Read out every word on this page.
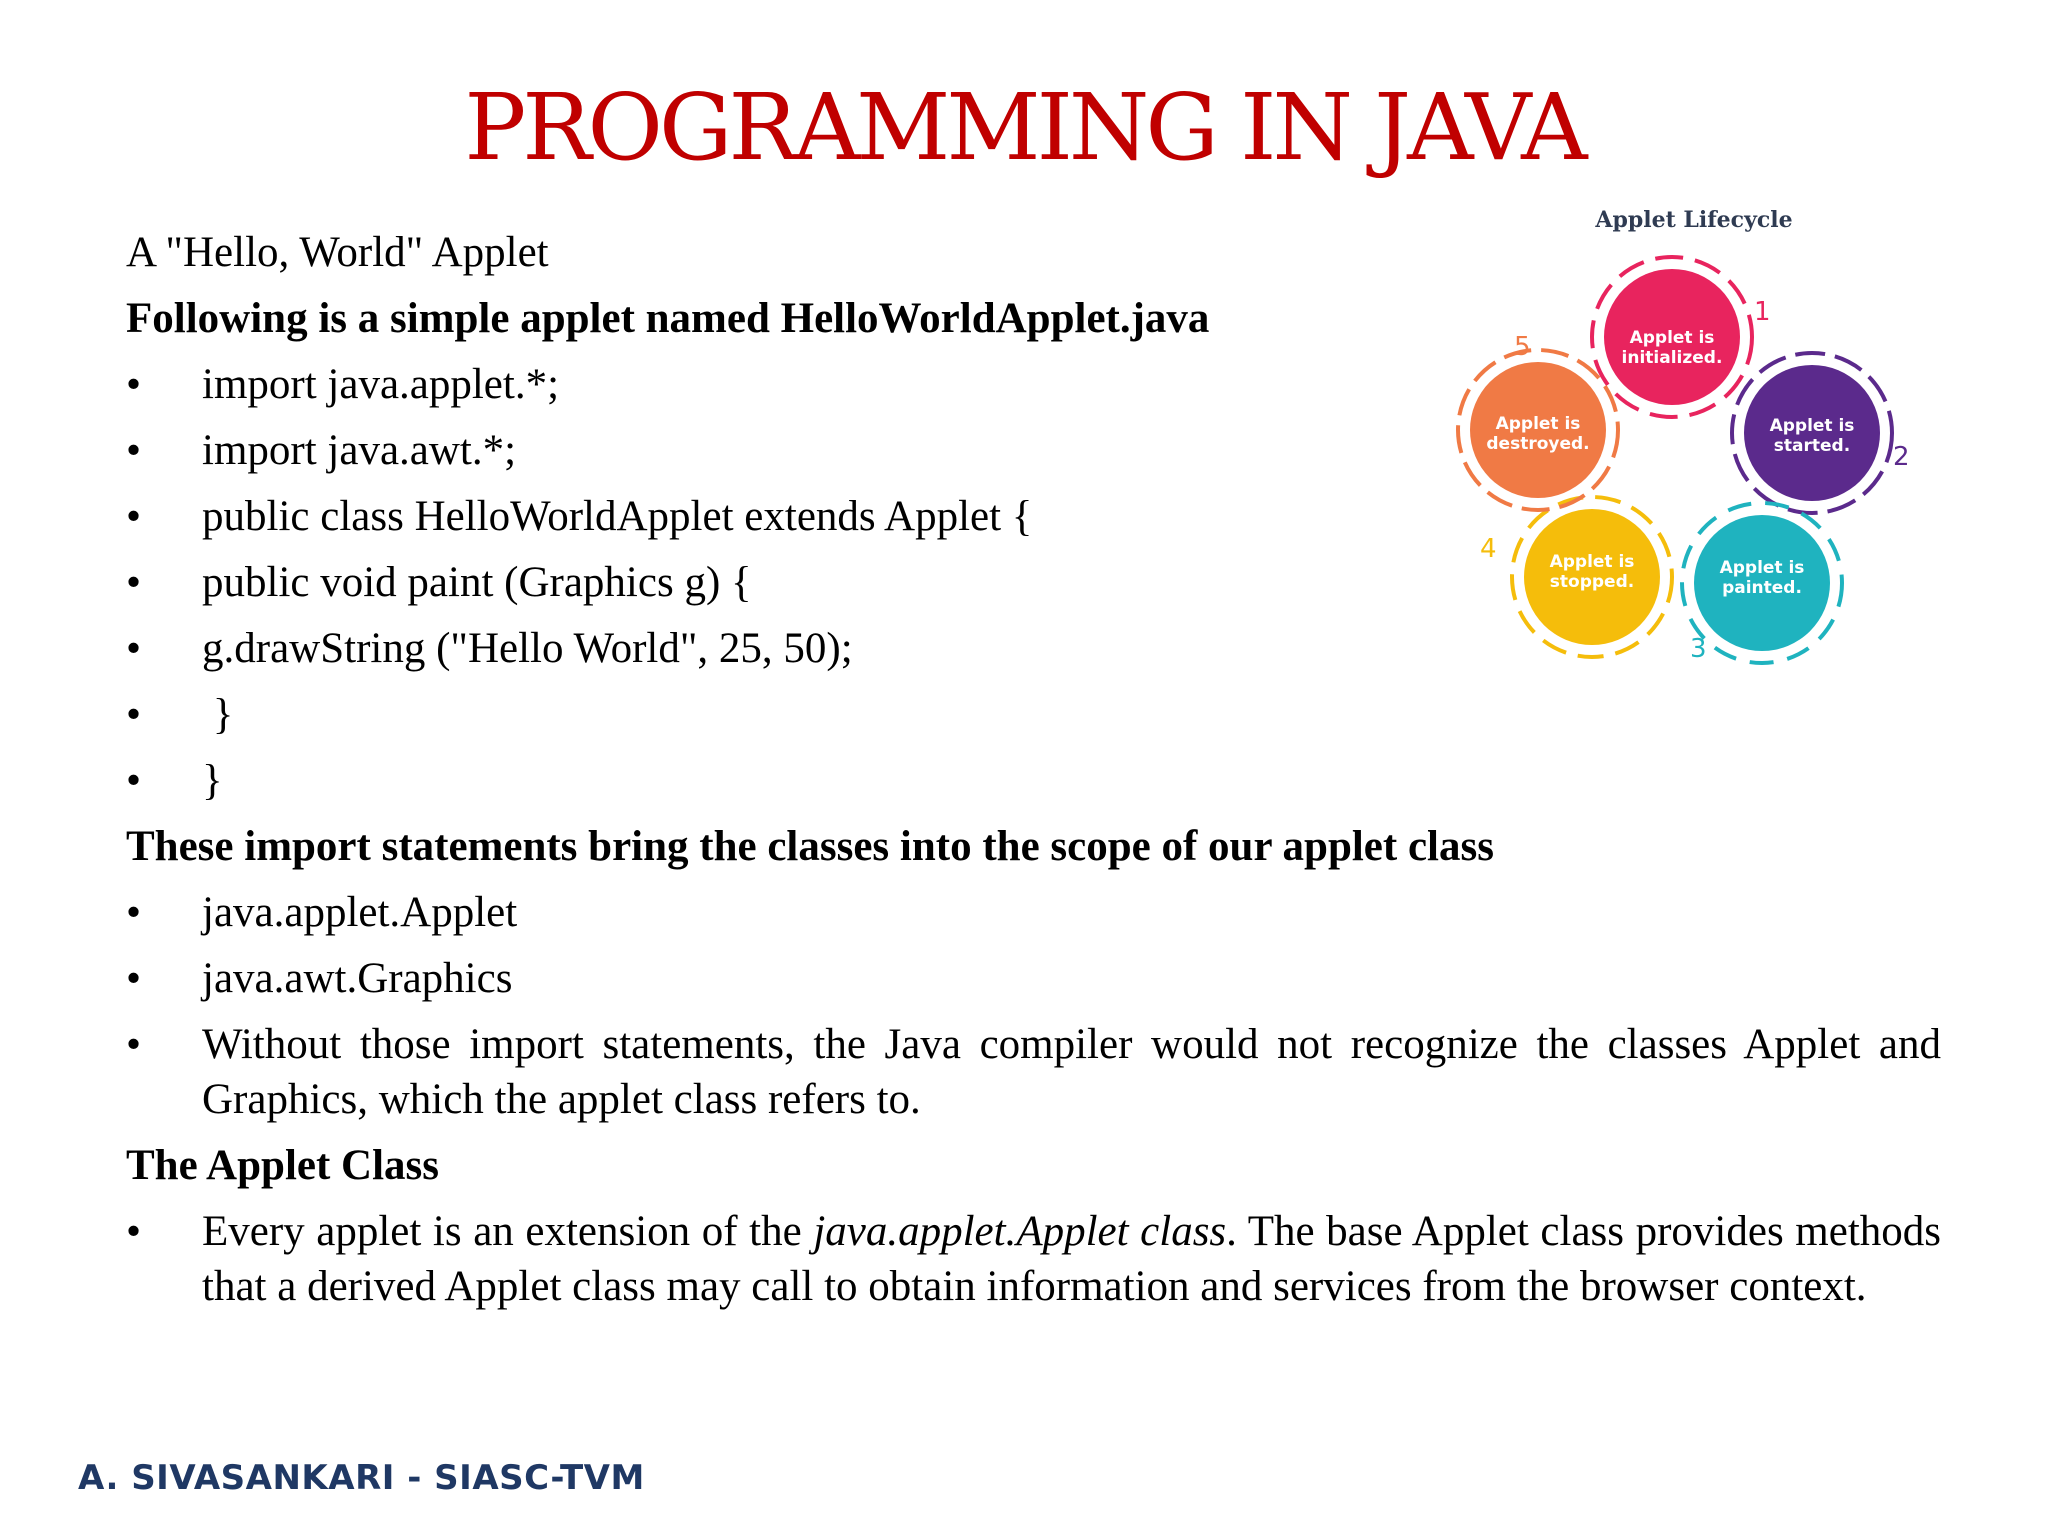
PROGRAMMING IN JAVA
A "Hello, World" Applet
Following is a simple applet named HelloWorldApplet.java
• import java.applet.*;
• import java.awt.*;
• public class HelloWorldApplet extends Applet {
• public void paint (Graphics g) {
• g.drawString ("Hello World", 25, 50);
• }
• }
These import statements bring the classes into the scope of our applet class
• java.applet.Applet
• java.awt.Graphics
• Without those import statements, the Java compiler would not recognize the classes Applet and Graphics, which the applet class refers to.
The Applet Class
• Every applet is an extension of the java.applet.Applet class. The base Applet class provides methods that a derived Applet class may call to obtain information and services from the browser context.
Applet Lifecycle
Applet is
initialized.
1
Applet is
started. 2
Applet is
painted.
3
Applet is
stopped.
4
Applet is
destroyed.
5
A. SIVASANKARI - SIASC-TVM
